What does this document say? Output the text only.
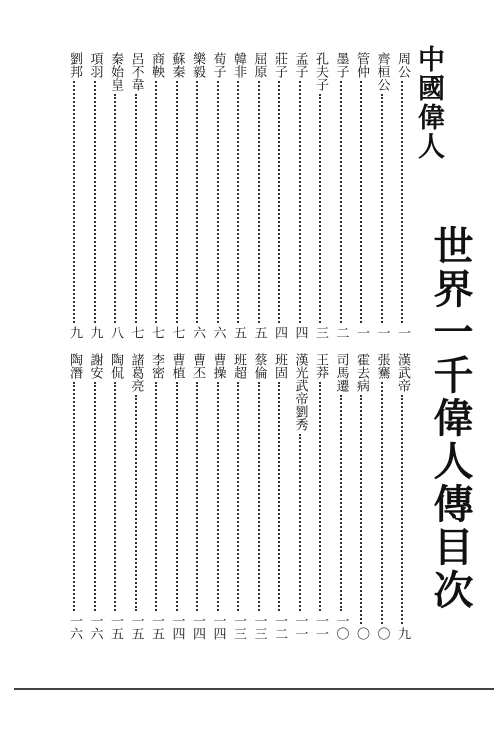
世界一千偉人傳目次
中國偉人
周公
一
齊桓公
一
管仲
一
墨子
二
孔夫子
三
孟子
四
莊子
四
屈原
五
韓非
五
荀子
六
樂毅
六
蘇秦
七
商鞅
七
呂不韋
七
秦始皇
八
項羽
九
劉邦
九
漢武帝
九
張騫
〇
霍去病
〇
司馬遷
一〇
王莽
一一
漢光武帝劉秀
一一
班固
一二
蔡倫
一三
班超
一三
曹操
一四
曹丕
一四
曹植
一四
李密
一五
諸葛亮
一五
陶侃
一五
謝安
一六
陶潛
一六
